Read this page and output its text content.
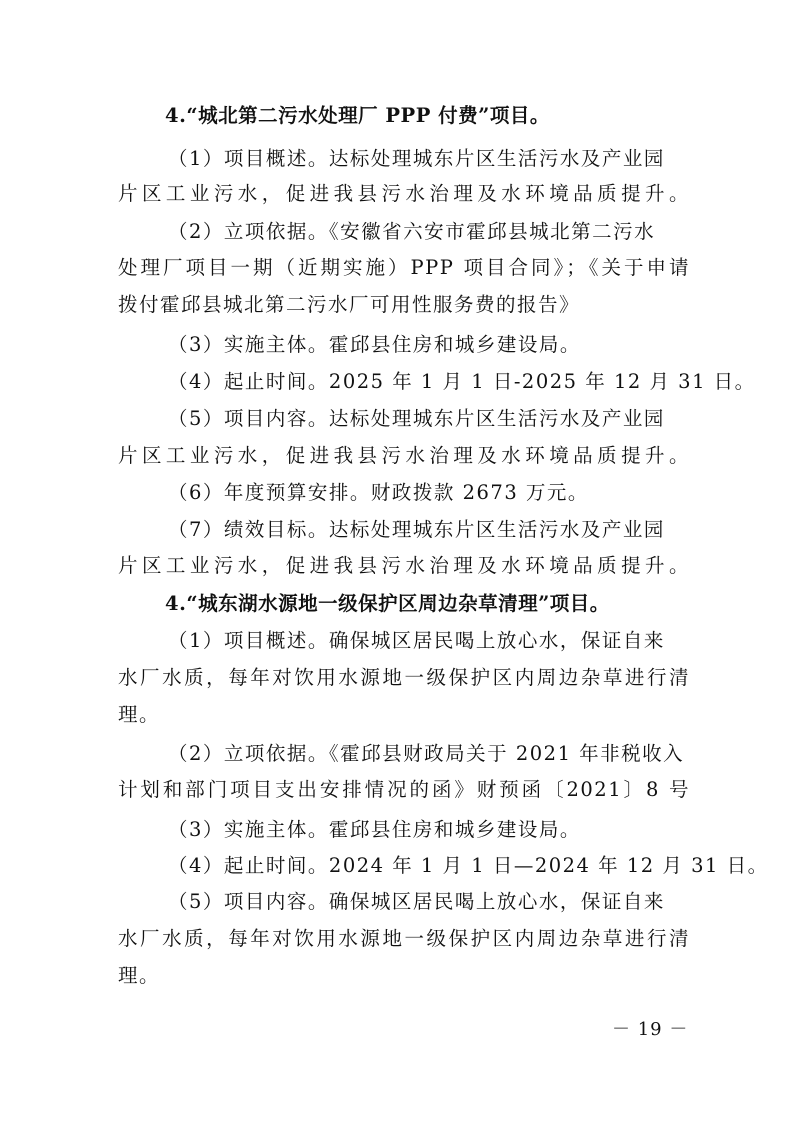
4.“城北第二污水处理厂 PPP 付费”项目。

（1）项目概述。达标处理城东片区生活污水及产业园

片区工业污水，促进我县污水治理及水环境品质提升。

（2）立项依据。《安徽省六安市霍邱县城北第二污水

处理厂项目一期（近期实施）PPP 项目合同》；《关于申请

拨付霍邱县城北第二污水厂可用性服务费的报告》

（3）实施主体。霍邱县住房和城乡建设局。

（4）起止时间。2025 年 1 月 1 日-2025 年 12 月 31 日。

（5）项目内容。达标处理城东片区生活污水及产业园

片区工业污水，促进我县污水治理及水环境品质提升。

（6）年度预算安排。财政拨款 2673 万元。

（7）绩效目标。达标处理城东片区生活污水及产业园

片区工业污水，促进我县污水治理及水环境品质提升。

4.“城东湖水源地一级保护区周边杂草清理”项目。

（1）项目概述。确保城区居民喝上放心水，保证自来

水厂水质，每年对饮用水源地一级保护区内周边杂草进行清

理。

（2）立项依据。《霍邱县财政局关于 2021 年非税收入

计划和部门项目支出安排情况的函》财预函〔2021〕8 号

（3）实施主体。霍邱县住房和城乡建设局。

（4）起止时间。2024 年 1 月 1 日—2024 年 12 月 31 日。

（5）项目内容。确保城区居民喝上放心水，保证自来

水厂水质，每年对饮用水源地一级保护区内周边杂草进行清

理。

－ 19 －
